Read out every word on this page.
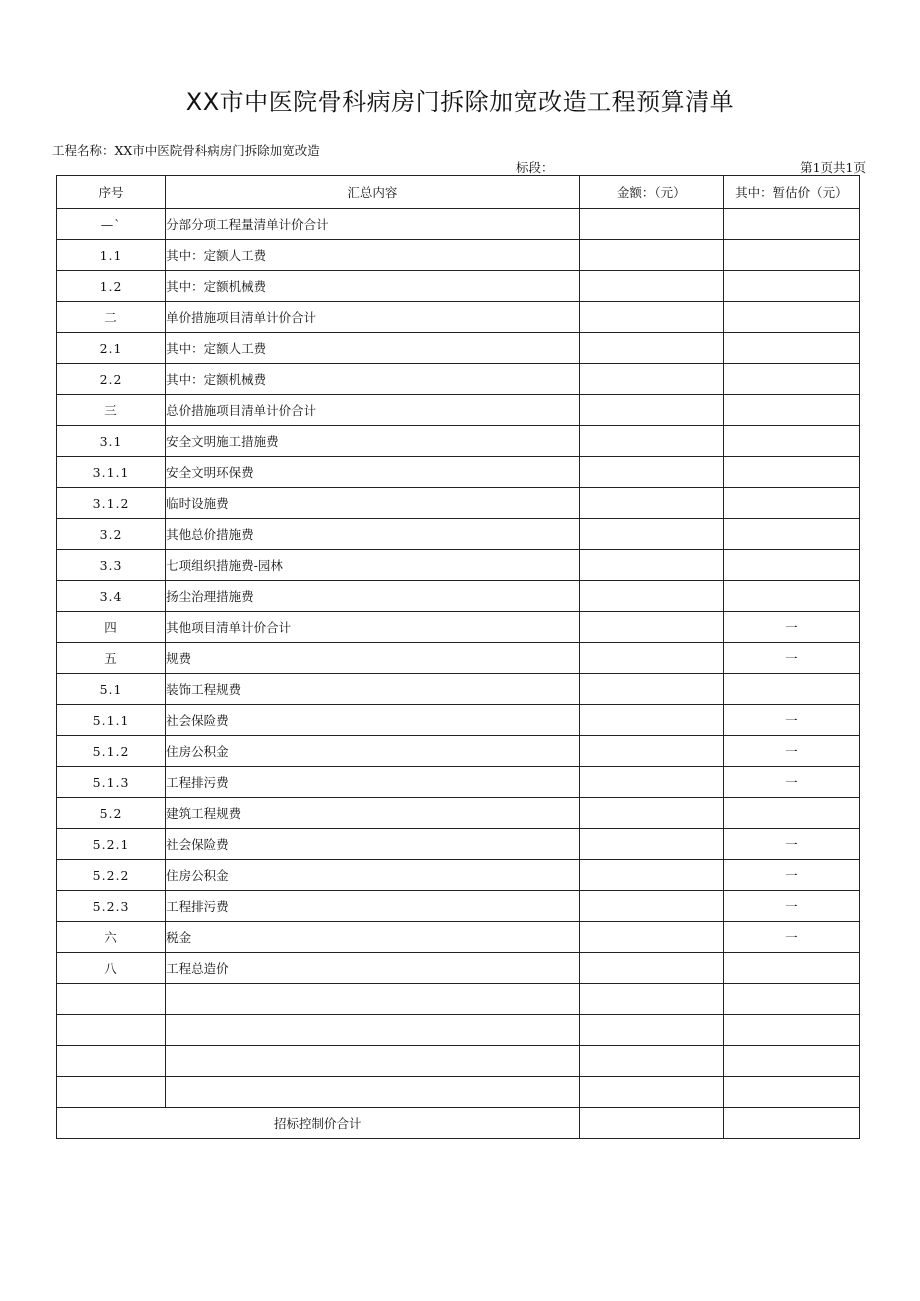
XX市中医院骨科病房门拆除加宽改造工程预算清单
工程名称：XX市中医院骨科病房门拆除加宽改造
标段：	第1页共1页
序号	汇总内容	金额：（元）	其中：暂估价（元）
—`	分部分项工程量清单计价合计		
1.1	其中：定额人工费		
1.2	其中：定额机械费		
二	单价措施项目清单计价合计		
2.1	其中：定额人工费		
2.2	其中：定额机械费		
三	总价措施项目清单计价合计		
3.1	安全文明施工措施费		
3.1.1	安全文明环保费		
3.1.2	临时设施费		
3.2	其他总价措施费		
3.3	七项组织措施费-园林		
3.4	扬尘治理措施费		
四	其他项目清单计价合计		一
五	规费		一
5.1	装饰工程规费		
5.1.1	社会保险费		一
5.1.2	住房公积金		一
5.1.3	工程排污费		一
5.2	建筑工程规费		
5.2.1	社会保险费		一
5.2.2	住房公积金		一
5.2.3	工程排污费		一
六	税金		一
八	工程总造价		

招标控制价合计			
